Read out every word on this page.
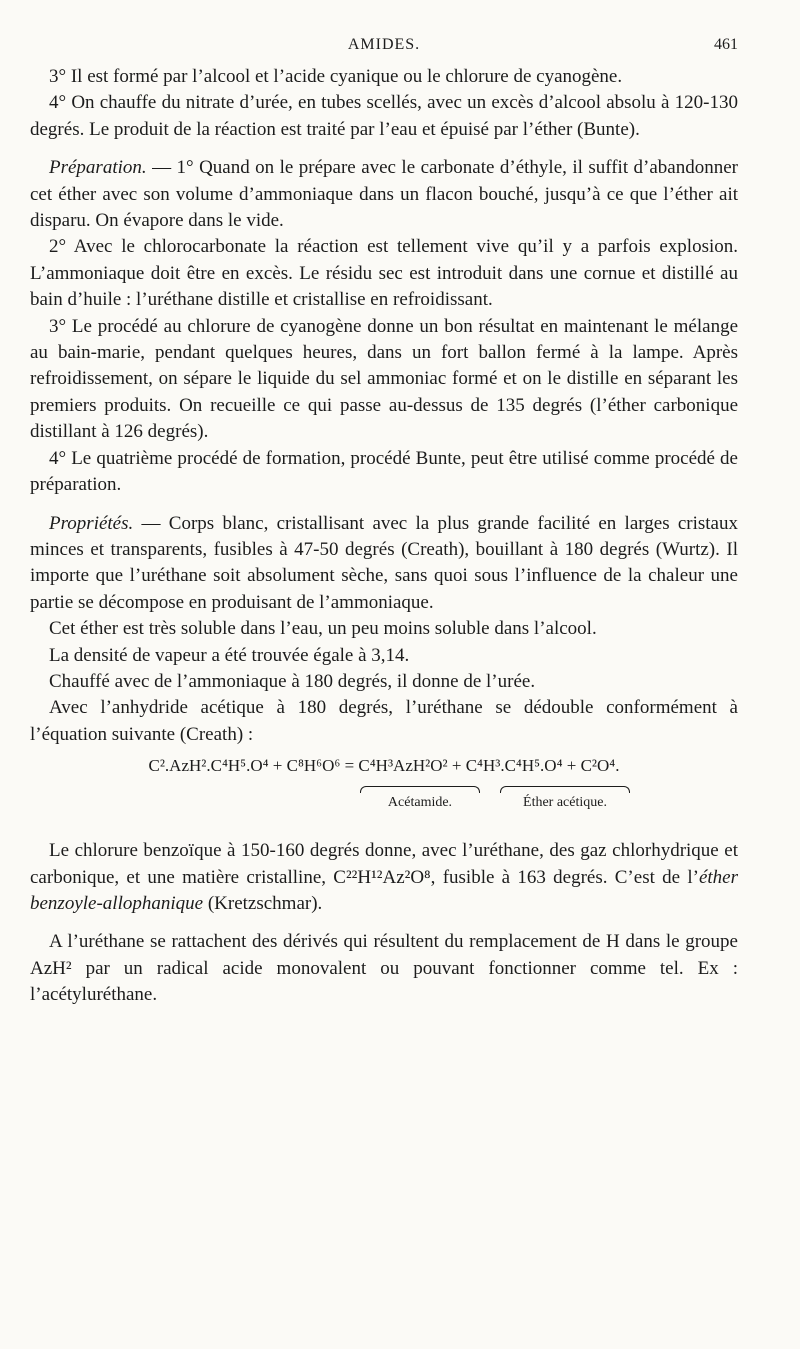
AMIDES.	461

3° Il est formé par l’alcool et l’acide cyanique ou le chlorure de cyanogène.

4° On chauffe du nitrate d’urée, en tubes scellés, avec un excès d’alcool absolu à 120-130 degrés. Le produit de la réaction est traité par l’eau et épuisé par l’éther (Bunte).

Préparation. — 1° Quand on le prépare avec le carbonate d’éthyle, il suffit d’abandonner cet éther avec son volume d’ammoniaque dans un flacon bouché, jusqu’à ce que l’éther ait disparu. On évapore dans le vide.

2° Avec le chlorocarbonate la réaction est tellement vive qu’il y a parfois explosion. L’ammoniaque doit être en excès. Le résidu sec est introduit dans une cornue et distillé au bain d’huile : l’uréthane distille et cristallise en refroidissant.

3° Le procédé au chlorure de cyanogène donne un bon résultat en maintenant le mélange au bain-marie, pendant quelques heures, dans un fort ballon fermé à la lampe. Après refroidissement, on sépare le liquide du sel ammoniac formé et on le distille en séparant les premiers produits. On recueille ce qui passe au-dessus de 135 degrés (l’éther carbonique distillant à 126 degrés).

4° Le quatrième procédé de formation, procédé Bunte, peut être utilisé comme procédé de préparation.

Propriétés. — Corps blanc, cristallisant avec la plus grande facilité en larges cristaux minces et transparents, fusibles à 47-50 degrés (Creath), bouillant à 180 degrés (Wurtz). Il importe que l’uréthane soit absolument sèche, sans quoi sous l’influence de la chaleur une partie se décompose en produisant de l’ammoniaque.

Cet éther est très soluble dans l’eau, un peu moins soluble dans l’alcool.

La densité de vapeur a été trouvée égale à 3,14.

Chauffé avec de l’ammoniaque à 180 degrés, il donne de l’urée.

Avec l’anhydride acétique à 180 degrés, l’uréthane se dédouble conformément à l’équation suivante (Creath) :

C².AzH².C⁴H⁵.O⁴ + C⁸H⁶O⁶ = C⁴H³AzH²O² + C⁴H³.C⁴H⁵.O⁴ + C²O⁴.
Acétamide.	Éther acétique.

Le chlorure benzoïque à 150-160 degrés donne, avec l’uréthane, des gaz chlorhydrique et carbonique, et une matière cristalline, C²²H¹²Az²O⁸, fusible à 163 degrés. C’est de l’éther benzoyle-allophanique (Kretzschmar).

A l’uréthane se rattachent des dérivés qui résultent du remplacement de H dans le groupe AzH² par un radical acide monovalent ou pouvant fonctionner comme tel. Ex : l’acétyluréthane.
